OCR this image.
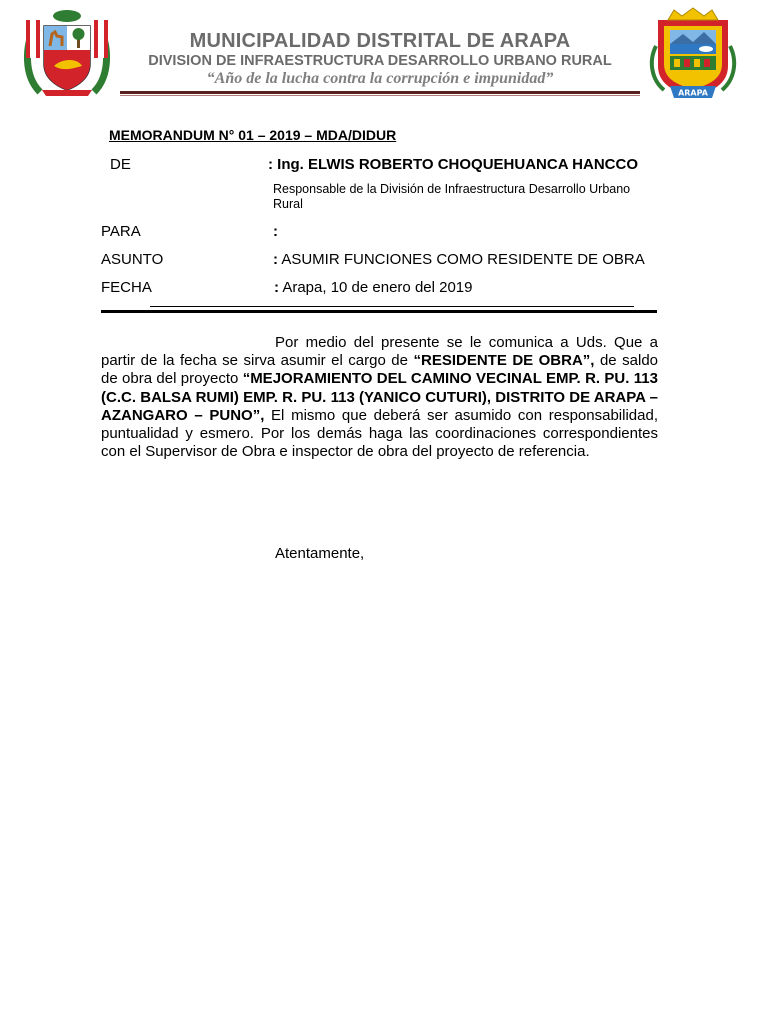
ARAPA
MUNICIPALIDAD DISTRITAL DE ARAPA
DIVISION DE INFRAESTRUCTURA DESARROLLO URBANO RURAL
“Año de la lucha contra la corrupción e impunidad”
MEMORANDUM N° 01 – 2019 – MDA/DIDUR
DE	: Ing. ELWIS ROBERTO CHOQUEHUANCA HANCCO
Responsable de la División de Infraestructura Desarrollo Urbano Rural
PARA	:
ASUNTO	: ASUMIR FUNCIONES COMO RESIDENTE DE OBRA
FECHA	: Arapa, 10 de enero del 2019
Por medio del presente se le comunica a Uds. Que a partir de la fecha se sirva asumir el cargo de “RESIDENTE DE OBRA”, de saldo de obra del proyecto “MEJORAMIENTO DEL CAMINO VECINAL EMP. R. PU. 113 (C.C. BALSA RUMI) EMP. R. PU. 113 (YANICO CUTURI), DISTRITO DE ARAPA – AZANGARO – PUNO”, El mismo que deberá ser asumido con responsabilidad, puntualidad y esmero. Por los demás haga las coordinaciones correspondientes con el Supervisor de Obra e inspector de obra del proyecto de referencia.
Atentamente,
